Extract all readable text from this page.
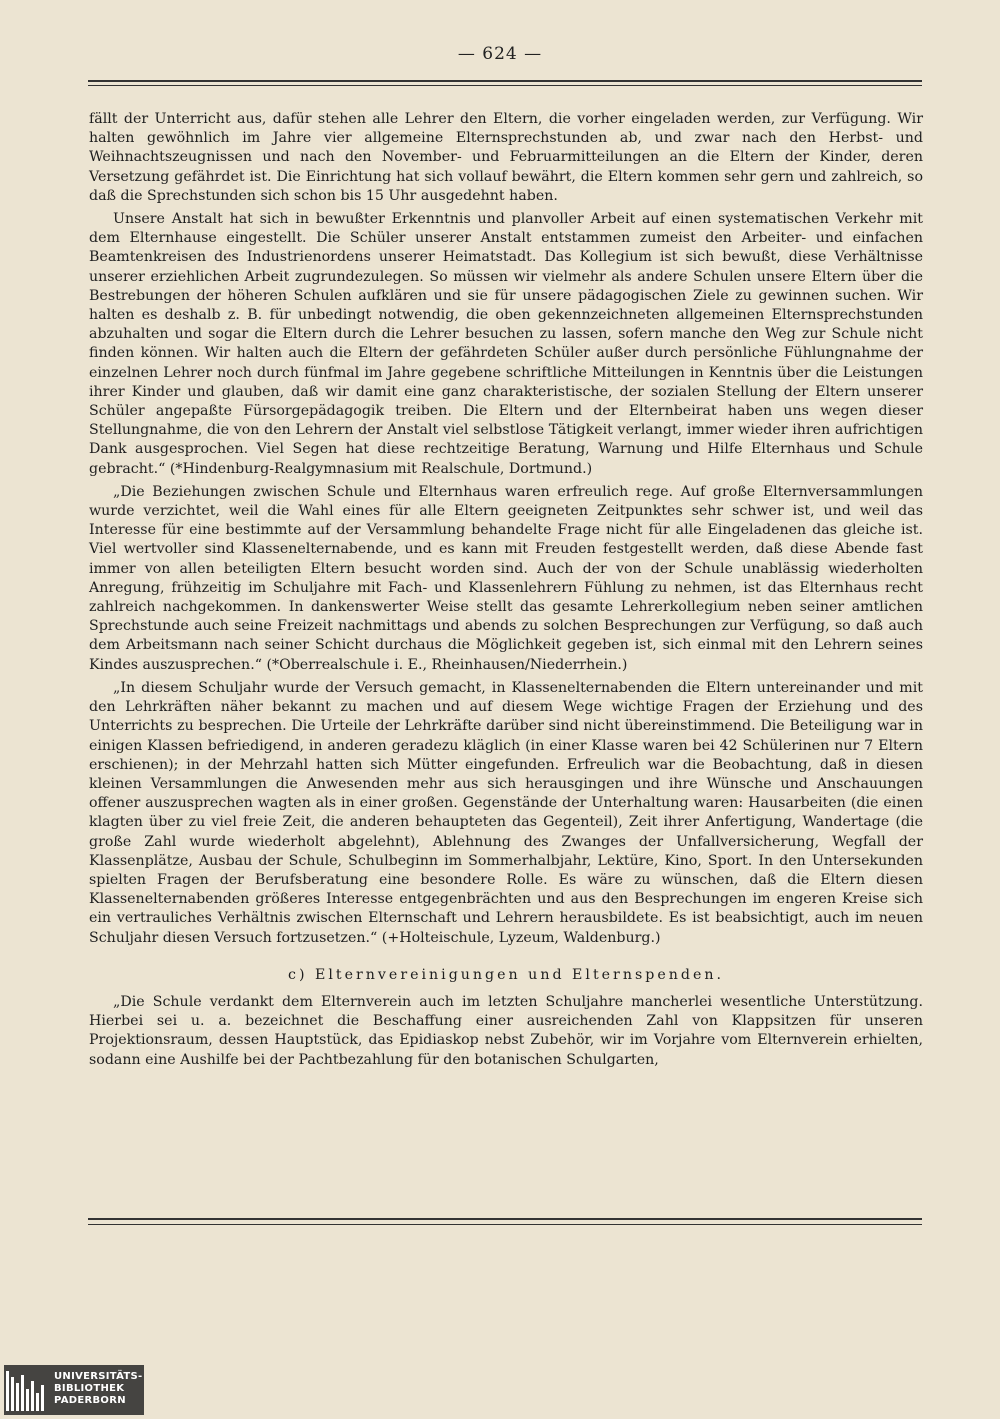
— 624 —

fällt der Unterricht aus, dafür stehen alle Lehrer den Eltern, die vorher eingeladen werden, zur Verfügung. Wir halten gewöhnlich im Jahre vier allgemeine Elternsprechstunden ab, und zwar nach den Herbst- und Weihnachtszeugnissen und nach den November- und Februarmitteilungen an die Eltern der Kinder, deren Versetzung gefährdet ist. Die Einrichtung hat sich vollauf bewährt, die Eltern kommen sehr gern und zahlreich, so daß die Sprechstunden sich schon bis 15 Uhr ausgedehnt haben.

Unsere Anstalt hat sich in bewußter Erkenntnis und planvoller Arbeit auf einen systematischen Verkehr mit dem Elternhause eingestellt. Die Schüler unserer Anstalt entstammen zumeist den Arbeiter- und einfachen Beamtenkreisen des Industrienordens unserer Heimatstadt. Das Kollegium ist sich bewußt, diese Verhältnisse unserer erziehlichen Arbeit zugrundezulegen. So müssen wir vielmehr als andere Schulen unsere Eltern über die Bestrebungen der höheren Schulen aufklären und sie für unsere pädagogischen Ziele zu gewinnen suchen. Wir halten es deshalb z. B. für unbedingt notwendig, die oben gekennzeichneten allgemeinen Elternsprechstunden abzuhalten und sogar die Eltern durch die Lehrer besuchen zu lassen, sofern manche den Weg zur Schule nicht finden können. Wir halten auch die Eltern der gefährdeten Schüler außer durch persönliche Fühlungnahme der einzelnen Lehrer noch durch fünfmal im Jahre gegebene schriftliche Mitteilungen in Kenntnis über die Leistungen ihrer Kinder und glauben, daß wir damit eine ganz charakteristische, der sozialen Stellung der Eltern unserer Schüler angepaßte Fürsorgepädagogik treiben. Die Eltern und der Elternbeirat haben uns wegen dieser Stellungnahme, die von den Lehrern der Anstalt viel selbstlose Tätigkeit verlangt, immer wieder ihren aufrichtigen Dank ausgesprochen. Viel Segen hat diese rechtzeitige Beratung, Warnung und Hilfe Elternhaus und Schule gebracht.“ (*Hindenburg-Realgymnasium mit Realschule, Dortmund.)

„Die Beziehungen zwischen Schule und Elternhaus waren erfreulich rege. Auf große Elternversammlungen wurde verzichtet, weil die Wahl eines für alle Eltern geeigneten Zeitpunktes sehr schwer ist, und weil das Interesse für eine bestimmte auf der Versammlung behandelte Frage nicht für alle Eingeladenen das gleiche ist. Viel wertvoller sind Klassenelternabende, und es kann mit Freuden festgestellt werden, daß diese Abende fast immer von allen beteiligten Eltern besucht worden sind. Auch der von der Schule unablässig wiederholten Anregung, frühzeitig im Schuljahre mit Fach- und Klassenlehrern Fühlung zu nehmen, ist das Elternhaus recht zahlreich nachgekommen. In dankenswerter Weise stellt das gesamte Lehrerkollegium neben seiner amtlichen Sprechstunde auch seine Freizeit nachmittags und abends zu solchen Besprechungen zur Verfügung, so daß auch dem Arbeitsmann nach seiner Schicht durchaus die Möglichkeit gegeben ist, sich einmal mit den Lehrern seines Kindes auszusprechen.“ (*Oberrealschule i. E., Rheinhausen/Niederrhein.)

„In diesem Schuljahr wurde der Versuch gemacht, in Klassenelternabenden die Eltern untereinander und mit den Lehrkräften näher bekannt zu machen und auf diesem Wege wichtige Fragen der Erziehung und des Unterrichts zu besprechen. Die Urteile der Lehrkräfte darüber sind nicht übereinstimmend. Die Beteiligung war in einigen Klassen befriedigend, in anderen geradezu kläglich (in einer Klasse waren bei 42 Schülerinen nur 7 Eltern erschienen); in der Mehrzahl hatten sich Mütter eingefunden. Erfreulich war die Beobachtung, daß in diesen kleinen Versammlungen die Anwesenden mehr aus sich herausgingen und ihre Wünsche und Anschauungen offener auszusprechen wagten als in einer großen. Gegenstände der Unterhaltung waren: Hausarbeiten (die einen klagten über zu viel freie Zeit, die anderen behaupteten das Gegenteil), Zeit ihrer Anfertigung, Wandertage (die große Zahl wurde wiederholt abgelehnt), Ablehnung des Zwanges der Unfallversicherung, Wegfall der Klassenplätze, Ausbau der Schule, Schulbeginn im Sommerhalbjahr, Lektüre, Kino, Sport. In den Untersekunden spielten Fragen der Berufsberatung eine besondere Rolle. Es wäre zu wünschen, daß die Eltern diesen Klassenelternabenden größeres Interesse entgegenbrächten und aus den Besprechungen im engeren Kreise sich ein vertrauliches Verhältnis zwischen Elternschaft und Lehrern herausbildete. Es ist beabsichtigt, auch im neuen Schuljahr diesen Versuch fortzusetzen.“ (+Holteischule, Lyzeum, Waldenburg.)

c) Elternvereinigungen und Elternspenden.

„Die Schule verdankt dem Elternverein auch im letzten Schuljahre mancherlei wesentliche Unterstützung. Hierbei sei u. a. bezeichnet die Beschaffung einer ausreichenden Zahl von Klappsitzen für unseren Projektionsraum, dessen Hauptstück, das Epidiaskop nebst Zubehör, wir im Vorjahre vom Elternverein erhielten, sodann eine Aushilfe bei der Pachtbezahlung für den botanischen Schulgarten,

UNIVERSITÄTS-
BIBLIOTHEK
PADERBORN
